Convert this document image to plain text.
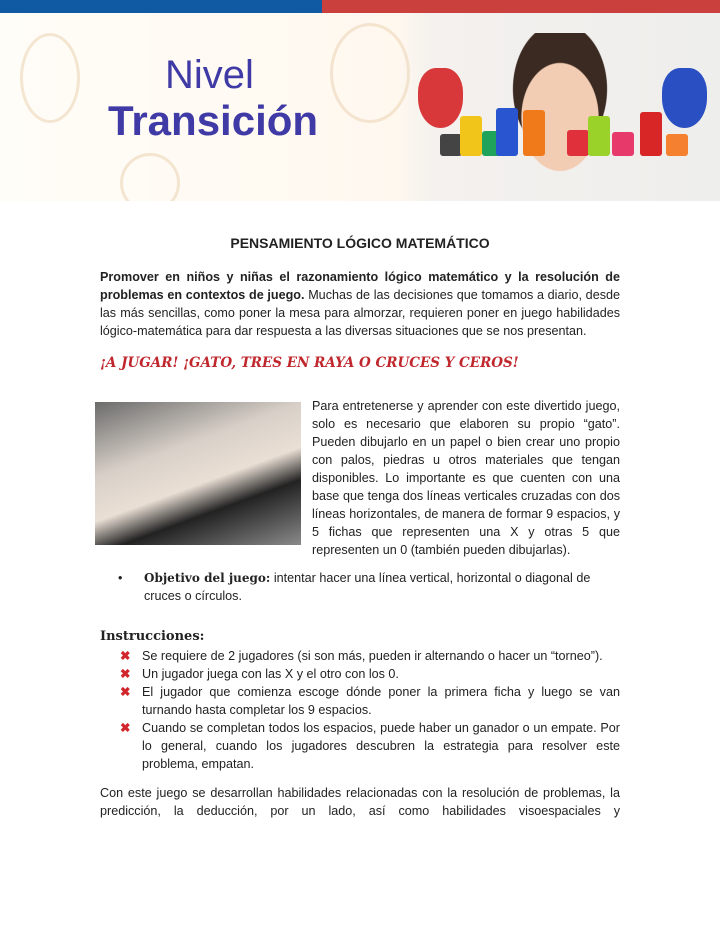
Nivel
Transición
PENSAMIENTO LÓGICO MATEMÁTICO
Promover en niños y niñas el razonamiento lógico matemático y la resolución de problemas en contextos de juego. Muchas de las decisiones que tomamos a diario, desde las más sencillas, como poner la mesa para almorzar, requieren poner en juego habilidades lógico-matemática para dar respuesta a las diversas situaciones que se nos presentan.
¡A JUGAR! ¡GATO, TRES EN RAYA O CRUCES Y CEROS!
Para entretenerse y aprender con este divertido juego, solo es necesario que elaboren su propio “gato”. Pueden dibujarlo en un papel o bien crear uno propio con palos, piedras u otros materiales que tengan disponibles. Lo importante es que cuenten con una base que tenga dos líneas verticales cruzadas con dos líneas horizontales, de manera de formar 9 espacios, y 5 fichas que representen una X y otras 5 que representen un 0 (también pueden dibujarlas).
• Objetivo del juego: intentar hacer una línea vertical, horizontal o diagonal de cruces o círculos.
Instrucciones:
✖ Se requiere de 2 jugadores (si son más, pueden ir alternando o hacer un “torneo”).
✖ Un jugador juega con las X y el otro con los 0.
✖ El jugador que comienza escoge dónde poner la primera ficha y luego se van turnando hasta completar los 9 espacios.
✖ Cuando se completan todos los espacios, puede haber un ganador o un empate. Por lo general, cuando los jugadores descubren la estrategia para resolver este problema, empatan.
Con este juego se desarrollan habilidades relacionadas con la resolución de problemas, la predicción, la deducción, por un lado, así como habilidades visoespaciales y
